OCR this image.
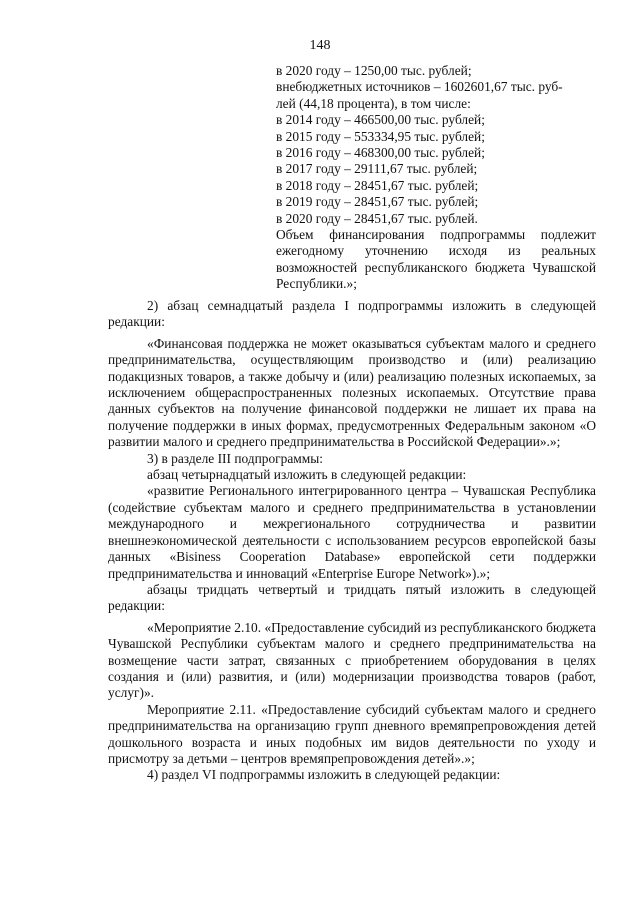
148
в 2020 году – 1250,00 тыс. рублей;
внебюджетных источников – 1602601,67 тыс. руб-
лей (44,18 процента), в том числе:
в 2014 году – 466500,00 тыс. рублей;
в 2015 году – 553334,95 тыс. рублей;
в 2016 году – 468300,00 тыс. рублей;
в 2017 году – 29111,67 тыс. рублей;
в 2018 году – 28451,67 тыс. рублей;
в 2019 году – 28451,67 тыс. рублей;
в 2020 году – 28451,67 тыс. рублей.
Объем финансирования подпрограммы подлежит ежегодному уточнению исходя из реальных возможностей республиканского бюджета Чувашской Республики.»;

2) абзац семнадцатый раздела I подпрограммы изложить в следующей редакции:

«Финансовая поддержка не может оказываться субъектам малого и среднего предпринимательства, осуществляющим производство и (или) реализацию подакцизных товаров, а также добычу и (или) реализацию полезных ископаемых, за исключением общераспространенных полезных ископаемых. Отсутствие права данных субъектов на получение финансовой поддержки не лишает их права на получение поддержки в иных формах, предусмотренных Федеральным законом «О развитии малого и среднего предпринимательства в Российской Федерации».»;

3) в разделе III подпрограммы:

абзац четырнадцатый изложить в следующей редакции:

«развитие Регионального интегрированного центра – Чувашская Республика (содействие субъектам малого и среднего предпринимательства в установлении международного и межрегионального сотрудничества и развитии внешнеэкономической деятельности с использованием ресурсов европейской базы данных «Bisiness Cooperation Database» европейской сети поддержки предпринимательства и инноваций «Enterprise Europe Network»).»;

абзацы тридцать четвертый и тридцать пятый изложить в следующей редакции:

«Мероприятие 2.10. «Предоставление субсидий из республиканского бюджета Чувашской Республики субъектам малого и среднего предпринимательства на возмещение части затрат, связанных с приобретением оборудования в целях создания и (или) развития, и (или) модернизации производства товаров (работ, услуг)».

Мероприятие 2.11. «Предоставление субсидий субъектам малого и среднего предпринимательства на организацию групп дневного времяпрепровождения детей дошкольного возраста и иных подобных им видов деятельности по уходу и присмотру за детьми – центров времяпрепровождения детей».»;

4) раздел VI подпрограммы изложить в следующей редакции:
